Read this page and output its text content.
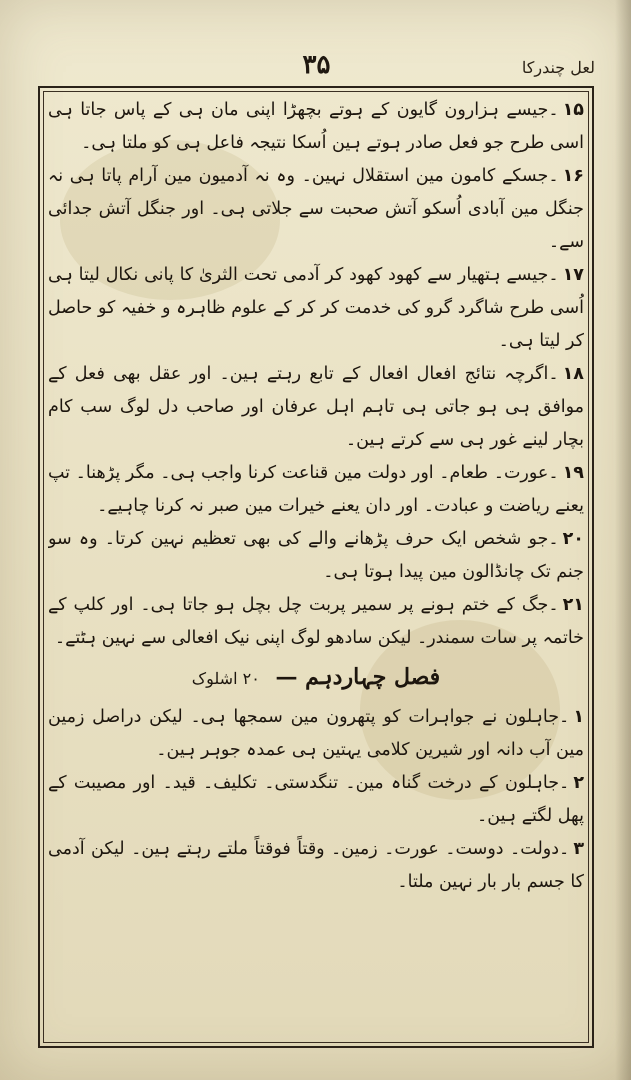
لعل چندرکا
۳۵

۱۵۔جیسے ہزارون گایون کے ہوتے بچھڑا اپنی مان ہی کے پاس جاتا ہی اسی طرح جو فعل صادر ہوتے ہین اُسکا نتیجہ فاعل ہی کو ملتا ہی۔

۱۶۔جسکے کامون مین استقلال نہین۔ وہ نہ آدمیون مین آرام پاتا ہی نہ جنگل مین آبادی اُسکو آتش صحبت سے جلاتی ہی۔ اور جنگل آتش جدائی سے۔

۱۷۔جیسے ہتھیار سے کھود کھود کر آدمی تحت الثریٰ کا پانی نکال لیتا ہی اُسی طرح شاگرد گرو کی خدمت کر کر کے علوم ظاہرہ و خفیہ کو حاصل کر لیتا ہی۔

۱۸۔اگرچہ نتائج افعال افعال کے تابع رہتے ہین۔ اور عقل بھی فعل کے موافق ہی ہو جاتی ہی تاہم اہل عرفان اور صاحب دل لوگ سب کام بچار لینے غور ہی سے کرتے ہین۔

۱۹۔عورت۔ طعام۔ اور دولت مین قناعت کرنا واجب ہی۔ مگر پڑھنا۔ تپ یعنے ریاضت و عبادت۔ اور دان یعنے خیرات مین صبر نہ کرنا چاہیے۔

۲۰۔جو شخص ایک حرف پڑھانے والے کی بھی تعظیم نہین کرتا۔ وہ سو جنم تک چانڈالون مین پیدا ہوتا ہی۔

۲۱۔جگ کے ختم ہونے پر سمیر پربت چل بچل ہو جاتا ہی۔ اور کلپ کے خاتمہ پر سات سمندر۔ لیکن سادھو لوگ اپنی نیک افعالی سے نہین ہٹتے۔

فصل چہاردہم — ۲۰ اشلوک

۱۔جاہلون نے جواہرات کو پتھرون مین سمجھا ہی۔ لیکن دراصل زمین مین آب دانہ اور شیرین کلامی یہتین ہی عمدہ جوہر ہین۔

۲۔جاہلون کے درخت گناہ مین۔ تنگدستی۔ تکلیف۔ قید۔ اور مصیبت کے پھل لگتے ہین۔

۳۔دولت۔ دوست۔ عورت۔ زمین۔ وقتاً فوقتاً ملتے رہتے ہین۔ لیکن آدمی کا جسم بار بار نہین ملتا۔
